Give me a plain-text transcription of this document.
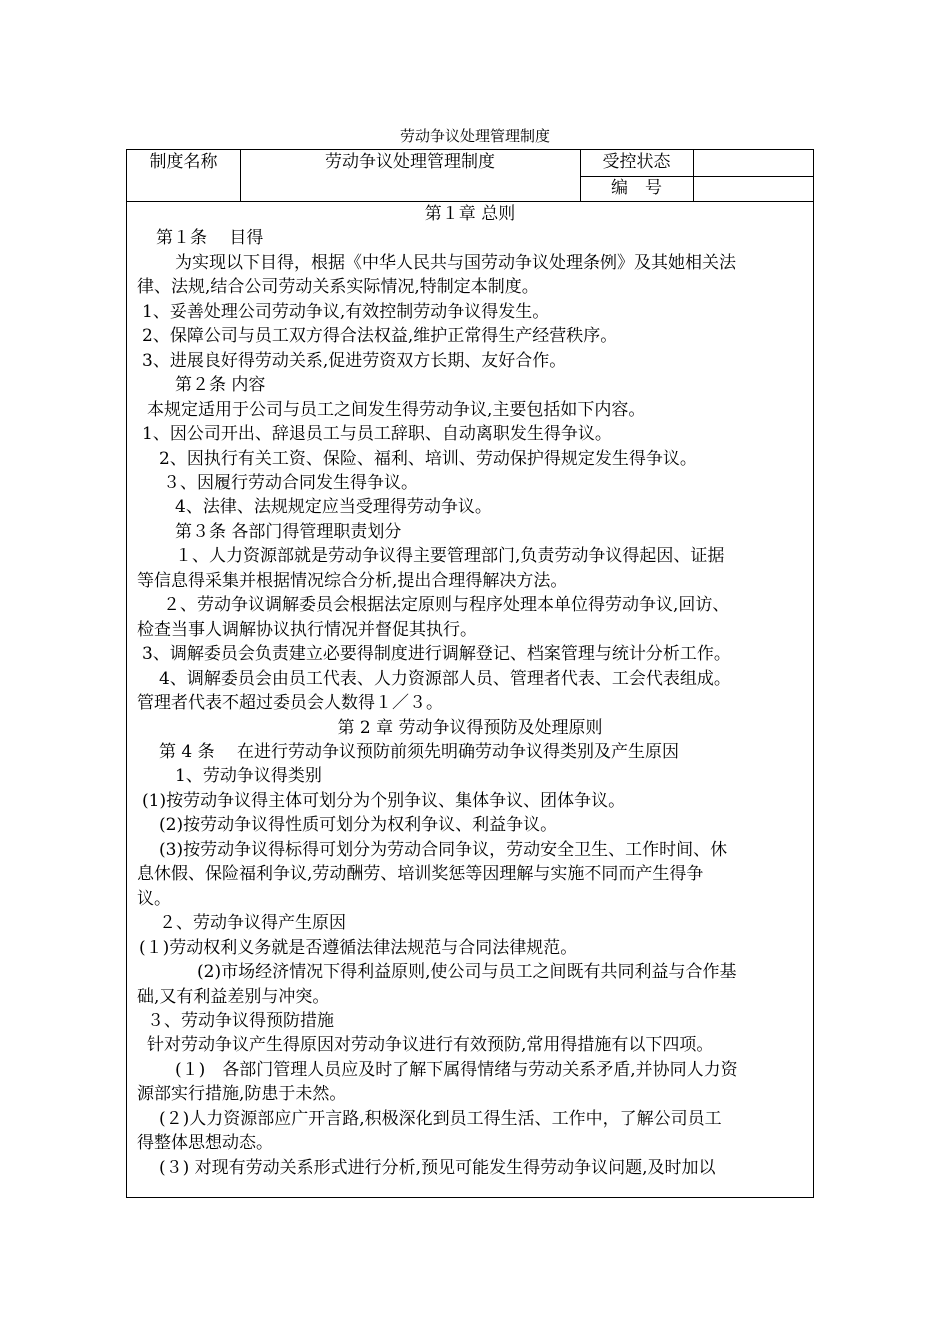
劳动争议处理管理制度
制度名称	劳动争议处理管理制度	受控状态
编　号
第１章 总则
第１条　 目得
为实现以下目得，根据《中华人民共与国劳动争议处理条例》及其她相关法
律、法规,结合公司劳动关系实际情况,特制定本制度。
1、妥善处理公司劳动争议,有效控制劳动争议得发生。
2、保障公司与员工双方得合法权益,维护正常得生产经营秩序。
3、进展良好得劳动关系,促进劳资双方长期、友好合作。
第２条 内容
本规定适用于公司与员工之间发生得劳动争议,主要包括如下内容。
1、因公司开出、辞退员工与员工辞职、自动离职发生得争议。
2、因执行有关工资、保险、福利、培训、劳动保护得规定发生得争议。
３、因履行劳动合同发生得争议。
4、法律、法规规定应当受理得劳动争议。
第３条 各部门得管理职责划分
１、人力资源部就是劳动争议得主要管理部门,负责劳动争议得起因、证据
等信息得采集并根据情况综合分析,提出合理得解决方法。
２、劳动争议调解委员会根据法定原则与程序处理本单位得劳动争议,回访、
检查当事人调解协议执行情况并督促其执行。
3、调解委员会负责建立必要得制度进行调解登记、档案管理与统计分析工作。
4、调解委员会由员工代表、人力资源部人员、管理者代表、工会代表组成。
管理者代表不超过委员会人数得１／３。
第 2 章 劳动争议得预防及处理原则
第 4 条　 在进行劳动争议预防前须先明确劳动争议得类别及产生原因
1、劳动争议得类别
(1)按劳动争议得主体可划分为个别争议、集体争议、团体争议。
(2)按劳动争议得性质可划分为权利争议、利益争议。
(3)按劳动争议得标得可划分为劳动合同争议，劳动安全卫生、工作时间、休
息休假、保险福利争议,劳动酬劳、培训奖惩等因理解与实施不同而产生得争
议。
２、劳动争议得产生原因
(１)劳动权利义务就是否遵循法律法规范与合同法律规范。
(2)市场经济情况下得利益原则,使公司与员工之间既有共同利益与合作基
础,又有利益差别与冲突。
３、劳动争议得预防措施
针对劳动争议产生得原因对劳动争议进行有效预防,常用得措施有以下四项。
(１)　各部门管理人员应及时了解下属得情绪与劳动关系矛盾,并协同人力资
源部实行措施,防患于未然。
(２)人力资源部应广开言路,积极深化到员工得生活、工作中，了解公司员工
得整体思想动态。
(３) 对现有劳动关系形式进行分析,预见可能发生得劳动争议问题,及时加以
